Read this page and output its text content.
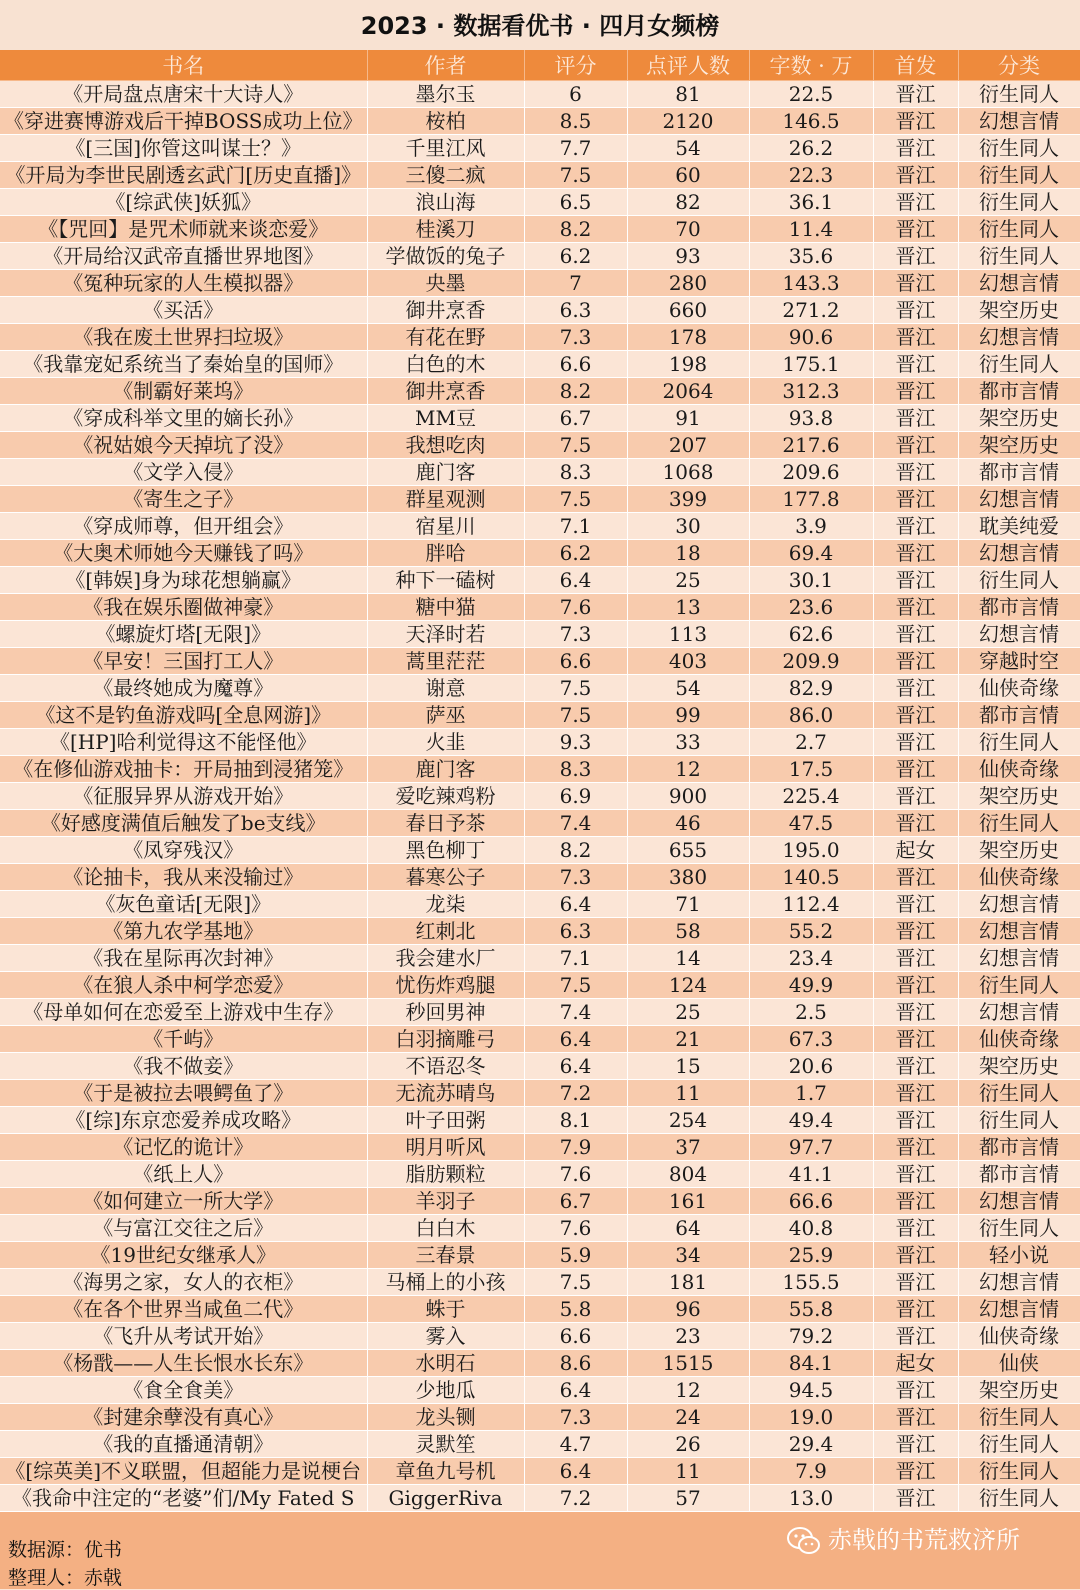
2023 · 数据看优书 · 四月女频榜
书名	作者	评分	点评人数	字数 · 万	首发	分类
《开局盘点唐宋十大诗人》	墨尔玉	6	81	22.5	晋江	衍生同人
《穿进赛博游戏后干掉BOSS成功上位》	桉柏	8.5	2120	146.5	晋江	幻想言情
《[三国]你管这叫谋士？》	千里江风	7.7	54	26.2	晋江	衍生同人
《开局为李世民剧透玄武门[历史直播]》	三傻二疯	7.5	60	22.3	晋江	衍生同人
《[综武侠]妖狐》	浪山海	6.5	82	36.1	晋江	衍生同人
《【咒回】是咒术师就来谈恋爱》	桂溪刀	8.2	70	11.4	晋江	衍生同人
《开局给汉武帝直播世界地图》	学做饭的兔子	6.2	93	35.6	晋江	衍生同人
《冤种玩家的人生模拟器》	央墨	7	280	143.3	晋江	幻想言情
《买活》	御井烹香	6.3	660	271.2	晋江	架空历史
《我在废土世界扫垃圾》	有花在野	7.3	178	90.6	晋江	幻想言情
《我靠宠妃系统当了秦始皇的国师》	白色的木	6.6	198	175.1	晋江	衍生同人
《制霸好莱坞》	御井烹香	8.2	2064	312.3	晋江	都市言情
《穿成科举文里的嫡长孙》	MM豆	6.7	91	93.8	晋江	架空历史
《祝姑娘今天掉坑了没》	我想吃肉	7.5	207	217.6	晋江	架空历史
《文学入侵》	鹿门客	8.3	1068	209.6	晋江	都市言情
《寄生之子》	群星观测	7.5	399	177.8	晋江	幻想言情
《穿成师尊，但开组会》	宿星川	7.1	30	3.9	晋江	耽美纯爱
《大奥术师她今天赚钱了吗》	胖哈	6.2	18	69.4	晋江	幻想言情
《[韩娱]身为球花想躺赢》	种下一磕树	6.4	25	30.1	晋江	衍生同人
《我在娱乐圈做神豪》	糖中猫	7.6	13	23.6	晋江	都市言情
《螺旋灯塔[无限]》	天泽时若	7.3	113	62.6	晋江	幻想言情
《早安！三国打工人》	蒿里茫茫	6.6	403	209.9	晋江	穿越时空
《最终她成为魔尊》	谢意	7.5	54	82.9	晋江	仙侠奇缘
《这不是钓鱼游戏吗[全息网游]》	萨巫	7.5	99	86.0	晋江	都市言情
《[HP]哈利觉得这不能怪他》	火韭	9.3	33	2.7	晋江	衍生同人
《在修仙游戏抽卡：开局抽到浸猪笼》	鹿门客	8.3	12	17.5	晋江	仙侠奇缘
《征服异界从游戏开始》	爱吃辣鸡粉	6.9	900	225.4	晋江	架空历史
《好感度满值后触发了be支线》	春日予茶	7.4	46	47.5	晋江	衍生同人
《凤穿残汉》	黑色柳丁	8.2	655	195.0	起女	架空历史
《论抽卡，我从来没输过》	暮寒公子	7.3	380	140.5	晋江	仙侠奇缘
《灰色童话[无限]》	龙柒	6.4	71	112.4	晋江	幻想言情
《第九农学基地》	红刺北	6.3	58	55.2	晋江	幻想言情
《我在星际再次封神》	我会建水厂	7.1	14	23.4	晋江	幻想言情
《在狼人杀中柯学恋爱》	忧伤炸鸡腿	7.5	124	49.9	晋江	衍生同人
《母单如何在恋爱至上游戏中生存》	秒回男神	7.4	25	2.5	晋江	幻想言情
《千屿》	白羽摘雕弓	6.4	21	67.3	晋江	仙侠奇缘
《我不做妾》	不语忍冬	6.4	15	20.6	晋江	架空历史
《于是被拉去喂鳄鱼了》	无流苏晴鸟	7.2	11	1.7	晋江	衍生同人
《[综]东京恋爱养成攻略》	叶子田粥	8.1	254	49.4	晋江	衍生同人
《记忆的诡计》	明月听风	7.9	37	97.7	晋江	都市言情
《纸上人》	脂肪颗粒	7.6	804	41.1	晋江	都市言情
《如何建立一所大学》	羊羽子	6.7	161	66.6	晋江	幻想言情
《与富江交往之后》	白白木	7.6	64	40.8	晋江	衍生同人
《19世纪女继承人》	三春景	5.9	34	25.9	晋江	轻小说
《海男之家，女人的衣柜》	马桶上的小孩	7.5	181	155.5	晋江	幻想言情
《在各个世界当咸鱼二代》	蛛于	5.8	96	55.8	晋江	幻想言情
《飞升从考试开始》	雾入	6.6	23	79.2	晋江	仙侠奇缘
《杨戬——人生长恨水长东》	水明石	8.6	1515	84.1	起女	仙侠
《食全食美》	少地瓜	6.4	12	94.5	晋江	架空历史
《封建余孽没有真心》	龙头铡	7.3	24	19.0	晋江	衍生同人
《我的直播通清朝》	灵默笙	4.7	26	29.4	晋江	衍生同人
《[综英美]不义联盟，但超能力是说梗台	章鱼九号机	6.4	11	7.9	晋江	衍生同人
《我命中注定的“老婆”们/My Fated S	GiggerRiva	7.2	57	13.0	晋江	衍生同人
数据源：优书
整理人：赤戟
赤戟的书荒救济所
